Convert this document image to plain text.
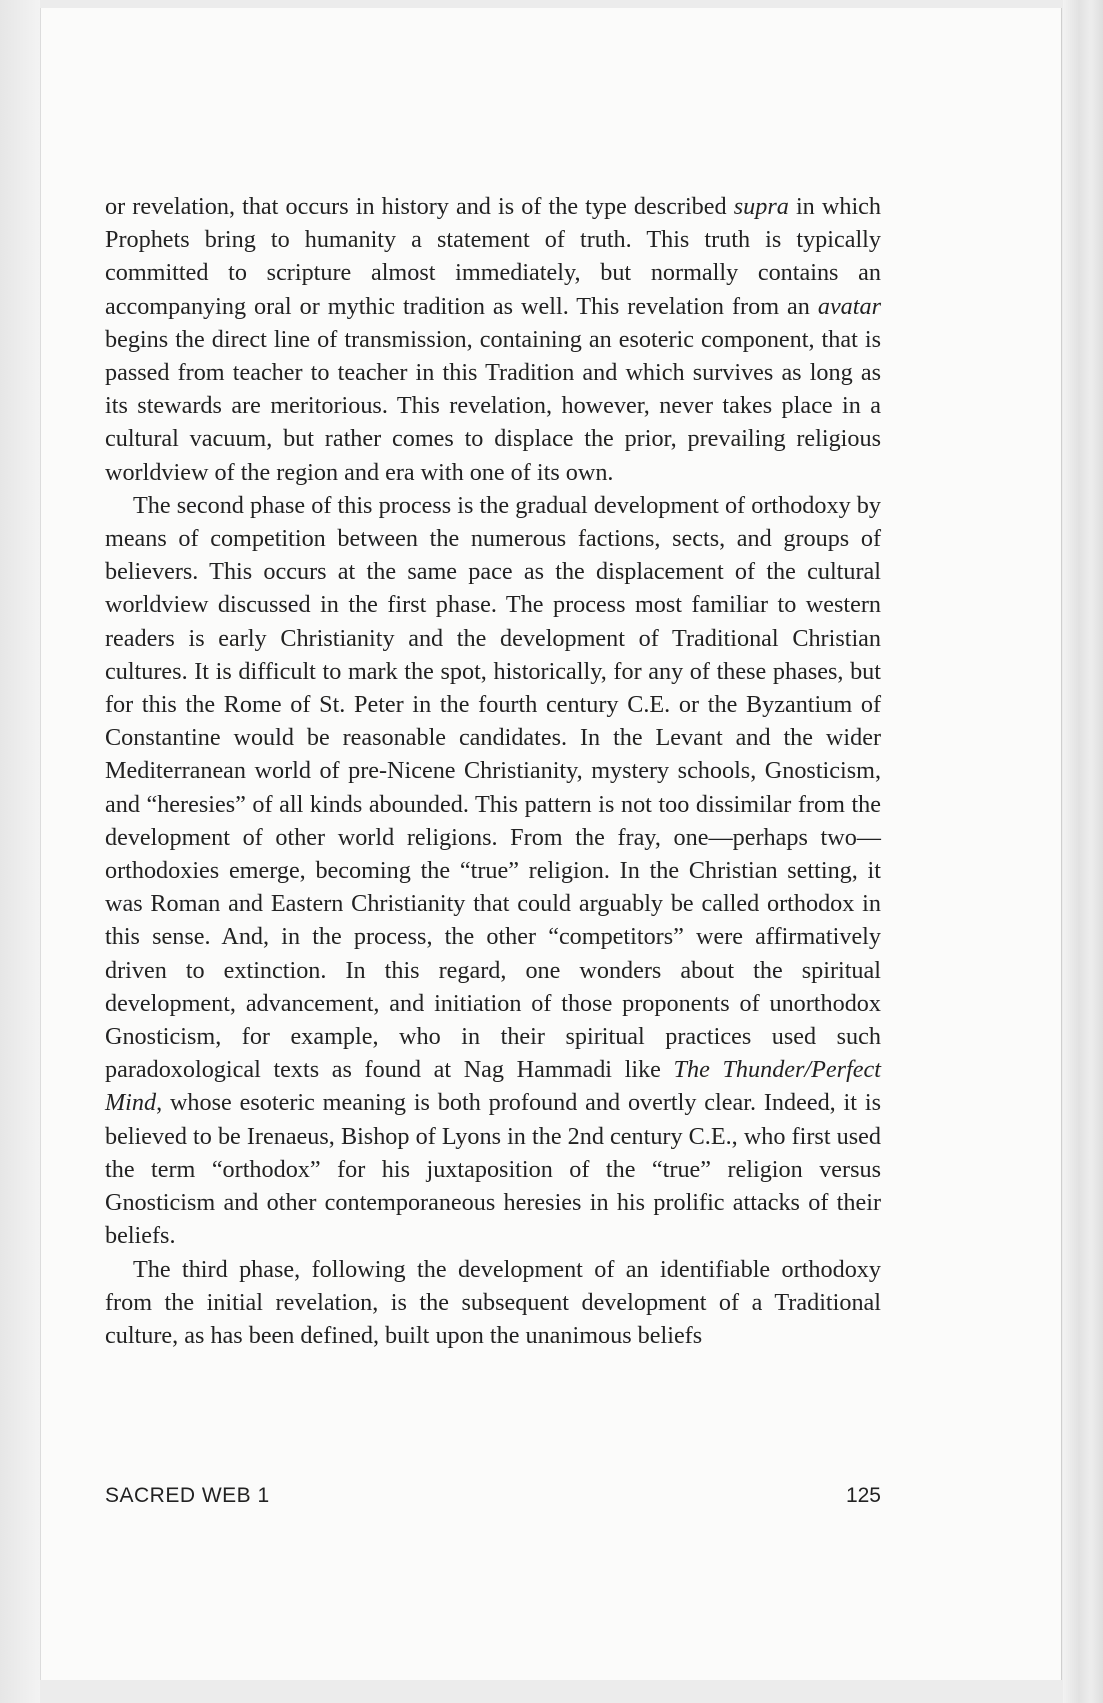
or revelation, that occurs in history and is of the type described supra in which Prophets bring to humanity a statement of truth. This truth is typically committed to scripture almost immediately, but normally contains an accompanying oral or mythic tradition as well. This revelation from an avatar begins the direct line of transmission, containing an esoteric component, that is passed from teacher to teacher in this Tradition and which survives as long as its stewards are meritorious. This revelation, however, never takes place in a cultural vacuum, but rather comes to displace the prior, prevailing religious worldview of the region and era with one of its own.

The second phase of this process is the gradual development of orthodoxy by means of competition between the numerous factions, sects, and groups of believers. This occurs at the same pace as the displacement of the cultural worldview discussed in the first phase. The process most familiar to western readers is early Christianity and the development of Traditional Christian cultures. It is difficult to mark the spot, historically, for any of these phases, but for this the Rome of St. Peter in the fourth century C.E. or the Byzantium of Constantine would be reasonable candidates. In the Levant and the wider Mediterranean world of pre-Nicene Christianity, mystery schools, Gnosticism, and “heresies” of all kinds abounded. This pattern is not too dissimilar from the development of other world religions. From the fray, one—perhaps two—orthodoxies emerge, becoming the “true” religion. In the Christian setting, it was Roman and Eastern Christianity that could arguably be called orthodox in this sense. And, in the process, the other “competitors” were affirmatively driven to extinction. In this regard, one wonders about the spiritual development, advancement, and initiation of those proponents of unorthodox Gnosticism, for example, who in their spiritual practices used such paradoxological texts as found at Nag Hammadi like The Thunder/Perfect Mind, whose esoteric meaning is both profound and overtly clear. Indeed, it is believed to be Irenaeus, Bishop of Lyons in the 2nd century C.E., who first used the term “orthodox” for his juxtaposition of the “true” religion versus Gnosticism and other contemporaneous heresies in his prolific attacks of their beliefs.

The third phase, following the development of an identifiable orthodoxy from the initial revelation, is the subsequent development of a Traditional culture, as has been defined, built upon the unanimous beliefs

SACRED WEB 1	125
